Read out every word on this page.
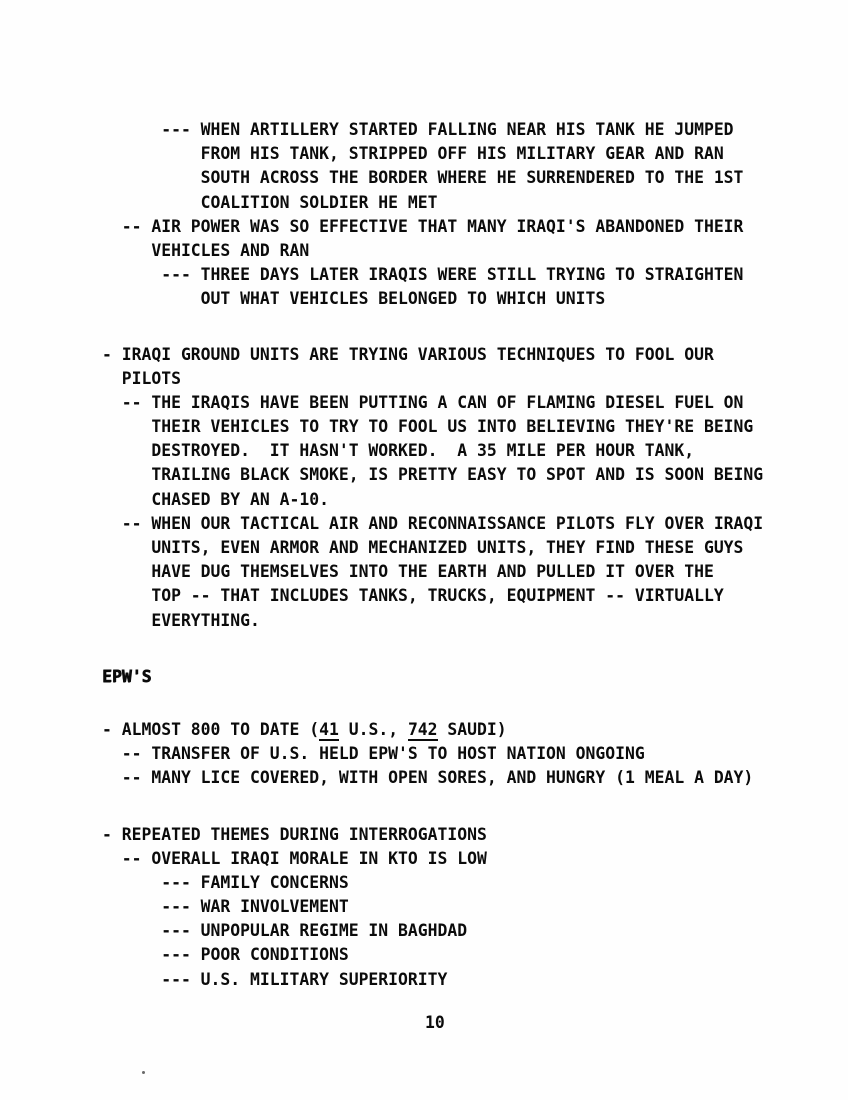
--- WHEN ARTILLERY STARTED FALLING NEAR HIS TANK HE JUMPED
FROM HIS TANK, STRIPPED OFF HIS MILITARY GEAR AND RAN
SOUTH ACROSS THE BORDER WHERE HE SURRENDERED TO THE 1ST
COALITION SOLDIER HE MET
-- AIR POWER WAS SO EFFECTIVE THAT MANY IRAQI'S ABANDONED THEIR
VEHICLES AND RAN
--- THREE DAYS LATER IRAQIS WERE STILL TRYING TO STRAIGHTEN
OUT WHAT VEHICLES BELONGED TO WHICH UNITS
- IRAQI GROUND UNITS ARE TRYING VARIOUS TECHNIQUES TO FOOL OUR
PILOTS
-- THE IRAQIS HAVE BEEN PUTTING A CAN OF FLAMING DIESEL FUEL ON
THEIR VEHICLES TO TRY TO FOOL US INTO BELIEVING THEY'RE BEING
DESTROYED.  IT HASN'T WORKED.  A 35 MILE PER HOUR TANK,
TRAILING BLACK SMOKE, IS PRETTY EASY TO SPOT AND IS SOON BEING
CHASED BY AN A-10.
-- WHEN OUR TACTICAL AIR AND RECONNAISSANCE PILOTS FLY OVER IRAQI
UNITS, EVEN ARMOR AND MECHANIZED UNITS, THEY FIND THESE GUYS
HAVE DUG THEMSELVES INTO THE EARTH AND PULLED IT OVER THE
TOP -- THAT INCLUDES TANKS, TRUCKS, EQUIPMENT -- VIRTUALLY
EVERYTHING.
EPW'S
- ALMOST 800 TO DATE (41 U.S., 742 SAUDI)
-- TRANSFER OF U.S. HELD EPW'S TO HOST NATION ONGOING
-- MANY LICE COVERED, WITH OPEN SORES, AND HUNGRY (1 MEAL A DAY)
- REPEATED THEMES DURING INTERROGATIONS
-- OVERALL IRAQI MORALE IN KTO IS LOW
--- FAMILY CONCERNS
--- WAR INVOLVEMENT
--- UNPOPULAR REGIME IN BAGHDAD
--- POOR CONDITIONS
--- U.S. MILITARY SUPERIORITY
10
